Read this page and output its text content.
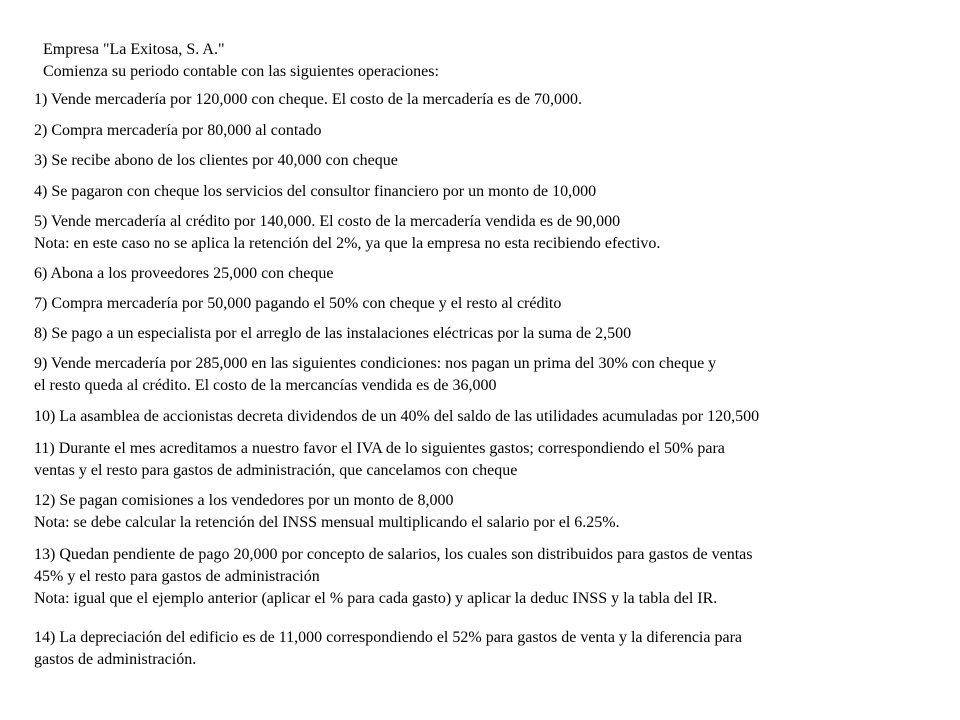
Empresa "La Exitosa, S. A."
Comienza su periodo contable con las siguientes operaciones:
1) Vende mercadería por 120,000 con cheque. El costo de la mercadería es de 70,000.
2) Compra mercadería por 80,000 al contado
3) Se recibe abono de los clientes por 40,000 con cheque
4) Se pagaron con cheque los servicios del consultor financiero por un monto de 10,000
5) Vende mercadería al crédito por 140,000. El costo de la mercadería vendida es de 90,000
Nota: en este caso no se aplica la retención del 2%, ya que la empresa no esta recibiendo efectivo.
6) Abona a los proveedores 25,000 con cheque
7) Compra mercadería por 50,000 pagando el 50% con cheque y el resto al crédito
8) Se pago a un especialista por el arreglo de las instalaciones eléctricas por la suma de 2,500
9) Vende mercadería por 285,000 en las siguientes condiciones: nos pagan un prima del 30% con cheque y
el resto queda al crédito. El costo de la mercancías vendida es de 36,000
10) La asamblea de accionistas decreta dividendos de un 40% del saldo de las utilidades acumuladas por 120,500
11) Durante el mes acreditamos a nuestro favor el IVA de lo siguientes gastos; correspondiendo el 50% para
ventas y el resto para gastos de administración, que cancelamos con cheque
12) Se pagan comisiones a los vendedores por un monto de 8,000
Nota: se debe calcular la retención del INSS mensual multiplicando el salario por el 6.25%.
13) Quedan pendiente de pago 20,000 por concepto de salarios, los cuales son distribuidos para gastos de ventas
45% y el resto para gastos de administración
Nota: igual que el ejemplo anterior (aplicar el % para cada gasto) y aplicar la deduc INSS y la tabla del IR.
14) La depreciación del edificio es de 11,000 correspondiendo el 52% para gastos de venta y la diferencia para
gastos de administración.
